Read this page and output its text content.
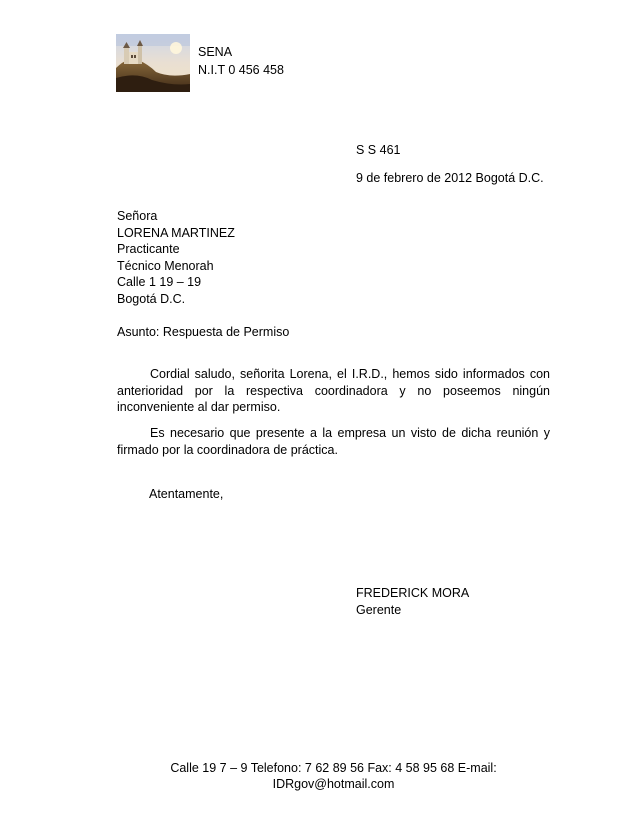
SENA
N.I.T 0 456 458
S S 461
9 de febrero de 2012 Bogotá D.C.
Señora
LORENA MARTINEZ
Practicante
Técnico Menorah
Calle 1 19 – 19
Bogotá D.C.
Asunto: Respuesta de Permiso
Cordial saludo, señorita Lorena, el I.R.D., hemos sido informados con anterioridad por la respectiva coordinadora y no poseemos ningún inconveniente al dar permiso.
Es necesario que presente a la empresa un visto de dicha reunión y firmado por la coordinadora de práctica.
Atentamente,
FREDERICK MORA
Gerente
Calle 19 7 – 9 Telefono: 7 62 89 56 Fax: 4 58 95 68 E-mail:
IDRgov@hotmail.com
